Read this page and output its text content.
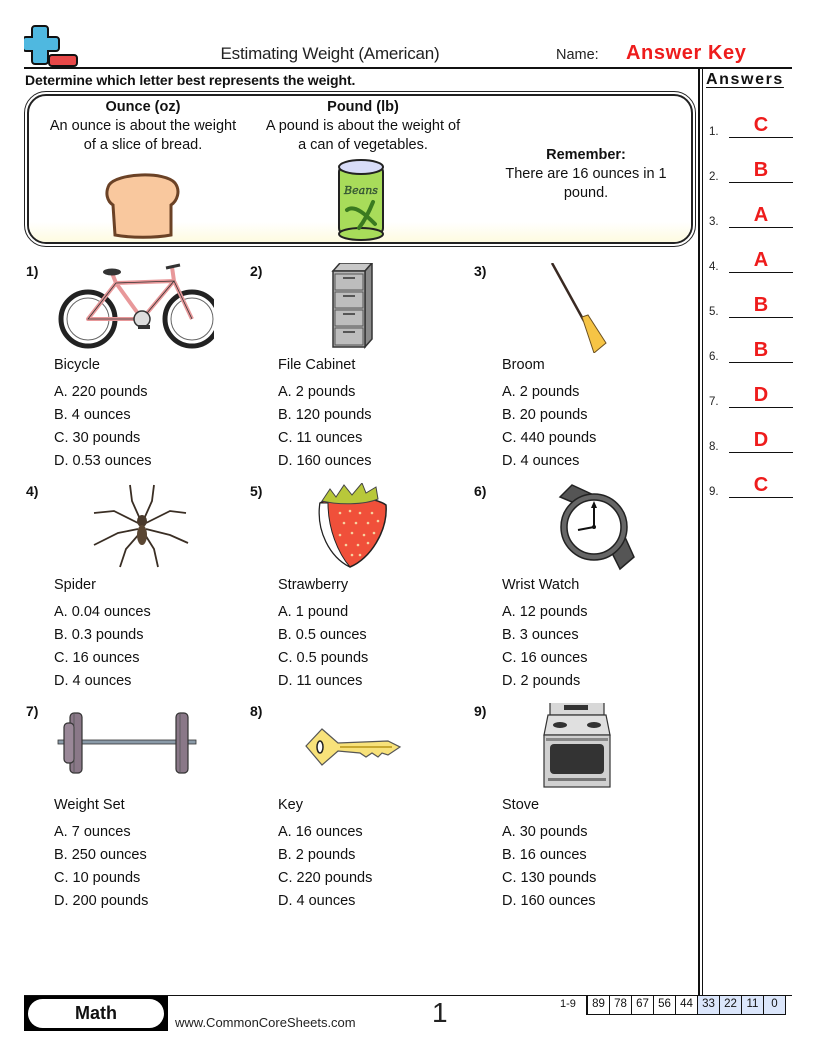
Estimating Weight (American)	Name: Answer Key
Determine which letter best represents the weight.
Ounce (oz)
An ounce is about the weight
of a slice of bread.
Pound (lb)
A pound is about the weight of
a can of vegetables.
Remember:
There are 16 ounces in 1
pound.
Beans
1)
Bicycle
A. 220 pounds
B. 4 ounces
C. 30 pounds
D. 0.53 ounces
2)
File Cabinet
A. 2 pounds
B. 120 pounds
C. 11 ounces
D. 160 ounces
3)
Broom
A. 2 pounds
B. 20 pounds
C. 440 pounds
D. 4 ounces
4)
Spider
A. 0.04 ounces
B. 0.3 pounds
C. 16 ounces
D. 4 ounces
5)
Strawberry
A. 1 pound
B. 0.5 ounces
C. 0.5 pounds
D. 11 ounces
6)
Wrist Watch
A. 12 pounds
B. 3 ounces
C. 16 ounces
D. 2 pounds
7)
Weight Set
A. 7 ounces
B. 250 ounces
C. 10 pounds
D. 200 pounds
8)
Key
A. 16 ounces
B. 2 pounds
C. 220 pounds
D. 4 ounces
9)
Stove
A. 30 pounds
B. 16 ounces
C. 130 pounds
D. 160 ounces
Answers
1.	C
2.	B
3.	A
4.	A
5.	B
6.	B
7.	D
8.	D
9.	C
Math	www.CommonCoreSheets.com	1	1-9	89 78 67 56 44 33 22 11	0
